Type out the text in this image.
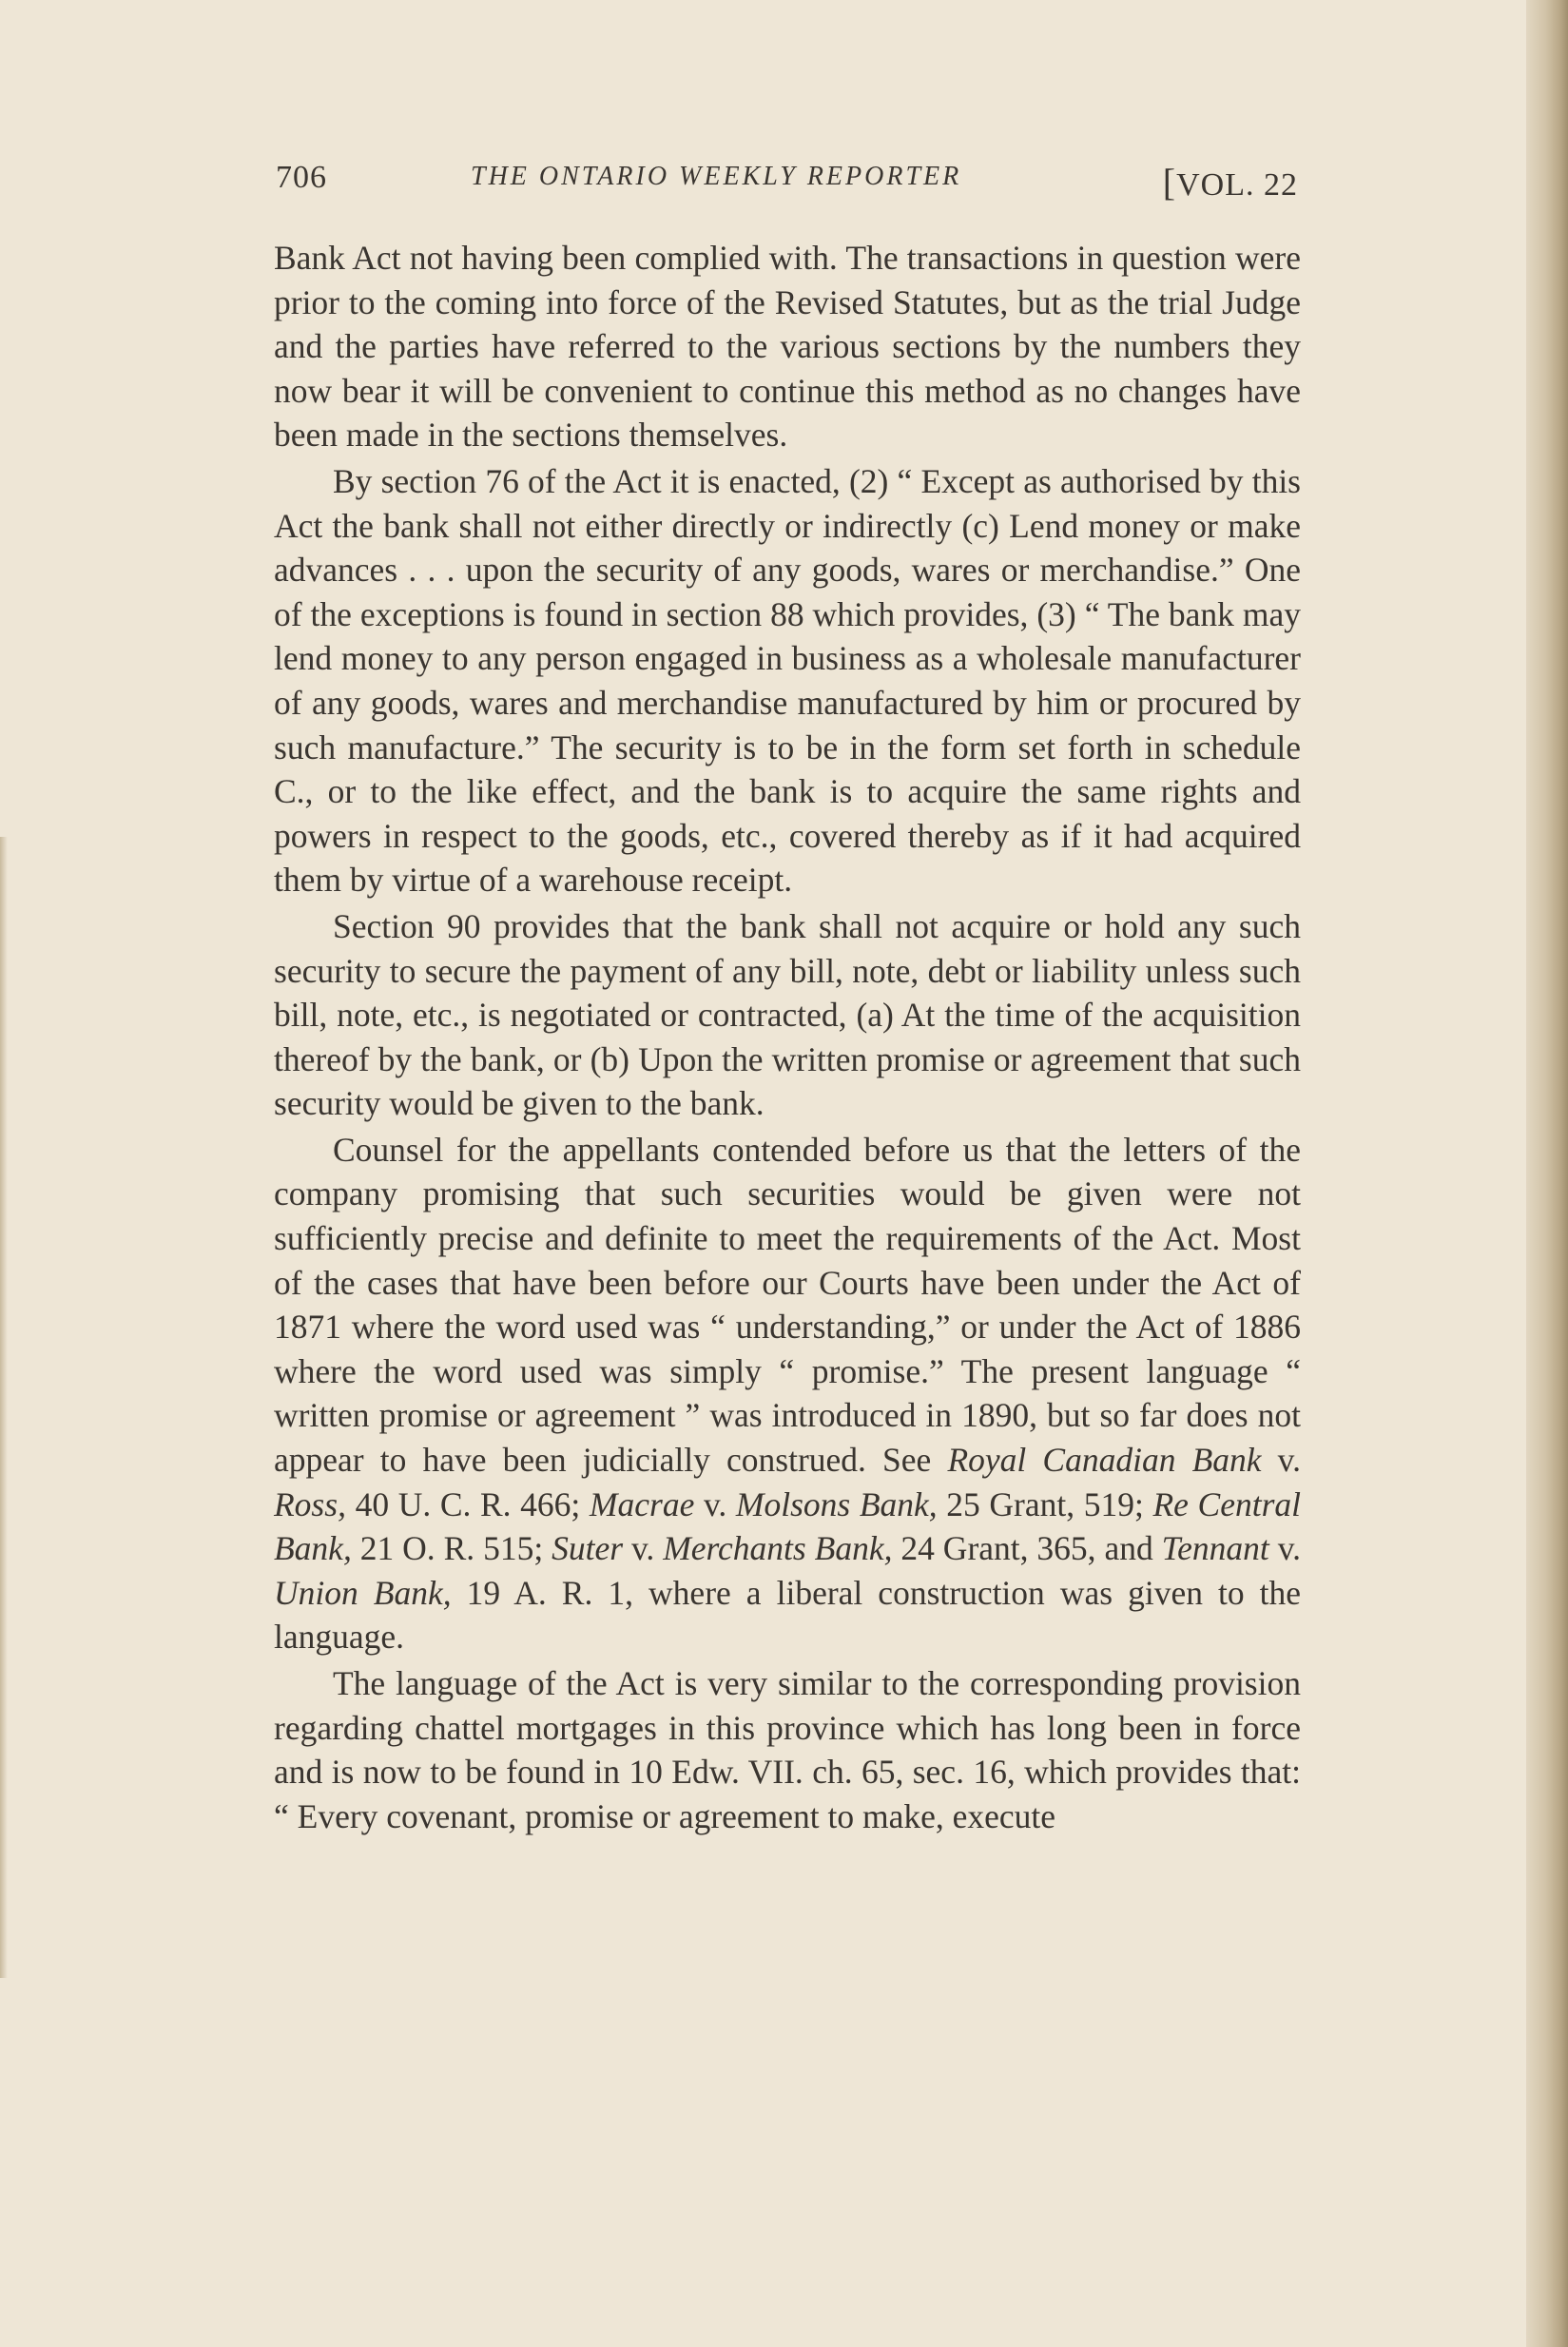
706	THE ONTARIO WEEKLY REPORTER	[VOL. 22

Bank Act not having been complied with. The transactions in question were prior to the coming into force of the Revised Statutes, but as the trial Judge and the parties have referred to the various sections by the numbers they now bear it will be convenient to continue this method as no changes have been made in the sections themselves.

By section 76 of the Act it is enacted, (2) “ Except as authorised by this Act the bank shall not either directly or indirectly (c) Lend money or make advances . . . upon the security of any goods, wares or merchandise.” One of the exceptions is found in section 88 which provides, (3) “ The bank may lend money to any person engaged in business as a wholesale manufacturer of any goods, wares and merchandise manufactured by him or procured by such manufacture.” The security is to be in the form set forth in schedule C., or to the like effect, and the bank is to acquire the same rights and powers in respect to the goods, etc., covered thereby as if it had acquired them by virtue of a warehouse receipt.

Section 90 provides that the bank shall not acquire or hold any such security to secure the payment of any bill, note, debt or liability unless such bill, note, etc., is negotiated or contracted, (a) At the time of the acquisition thereof by the bank, or (b) Upon the written promise or agreement that such security would be given to the bank.

Counsel for the appellants contended before us that the letters of the company promising that such securities would be given were not sufficiently precise and definite to meet the requirements of the Act. Most of the cases that have been before our Courts have been under the Act of 1871 where the word used was “ understanding,” or under the Act of 1886 where the word used was simply “ promise.” The present language “ written promise or agreement ” was introduced in 1890, but so far does not appear to have been judicially construed. See Royal Canadian Bank v. Ross, 40 U. C. R. 466; Macrae v. Molsons Bank, 25 Grant, 519; Re Central Bank, 21 O. R. 515; Suter v. Merchants Bank, 24 Grant, 365, and Tennant v. Union Bank, 19 A. R. 1, where a liberal construction was given to the language.

The language of the Act is very similar to the corresponding provision regarding chattel mortgages in this province which has long been in force and is now to be found in 10 Edw. VII. ch. 65, sec. 16, which provides that: “ Every covenant, promise or agreement to make, execute
